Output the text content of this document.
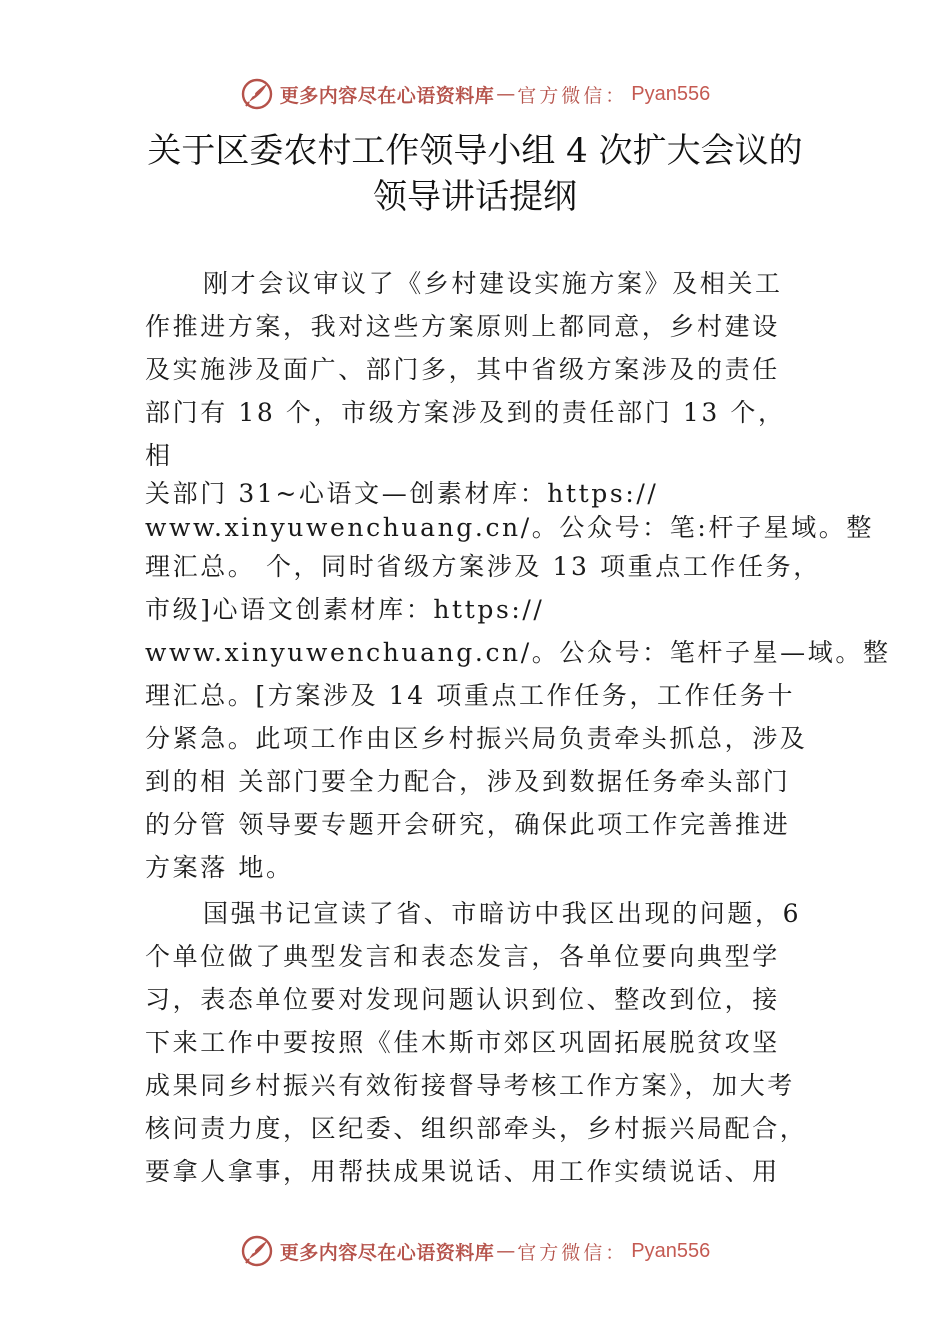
更多内容尽在心语资料库 — 官方微信： Pyan556
关于区委农村工作领导小组 4 次扩大会议的
领导讲话提纲
刚才会议审议了《乡村建设实施方案》及相关工
作推进方案，我对这些方案原则上都同意，乡村建设
及实施涉及面广、部门多，其中省级方案涉及的责任
部门有 18 个，市级方案涉及到的责任部门 13 个，
相
关部门 31~心语文—创素材库：https://
www.xinyuwenchuang.cn/。公众号：笔:杆子星域。整
理汇总。 个，同时省级方案涉及 13 项重点工作任务，
市级]心语文创素材库：https://
www.xinyuwenchuang.cn/。公众号：笔杆子星—域。整
理汇总。[方案涉及 14 项重点工作任务，工作任务十
分紧急。此项工作由区乡村振兴局负责牵头抓总，涉及
到的相 关部门要全力配合，涉及到数据任务牵头部门
的分管 领导要专题开会研究，确保此项工作完善推进
方案落 地。
国强书记宣读了省、市暗访中我区出现的问题，6
个单位做了典型发言和表态发言，各单位要向典型学
习，表态单位要对发现问题认识到位、整改到位，接
下来工作中要按照《佳木斯市郊区巩固拓展脱贫攻坚
成果同乡村振兴有效衔接督导考核工作方案》，加大考
核问责力度，区纪委、组织部牵头，乡村振兴局配合，
要拿人拿事，用帮扶成果说话、用工作实绩说话、用
更多内容尽在心语资料库 — 官方微信： Pyan556
